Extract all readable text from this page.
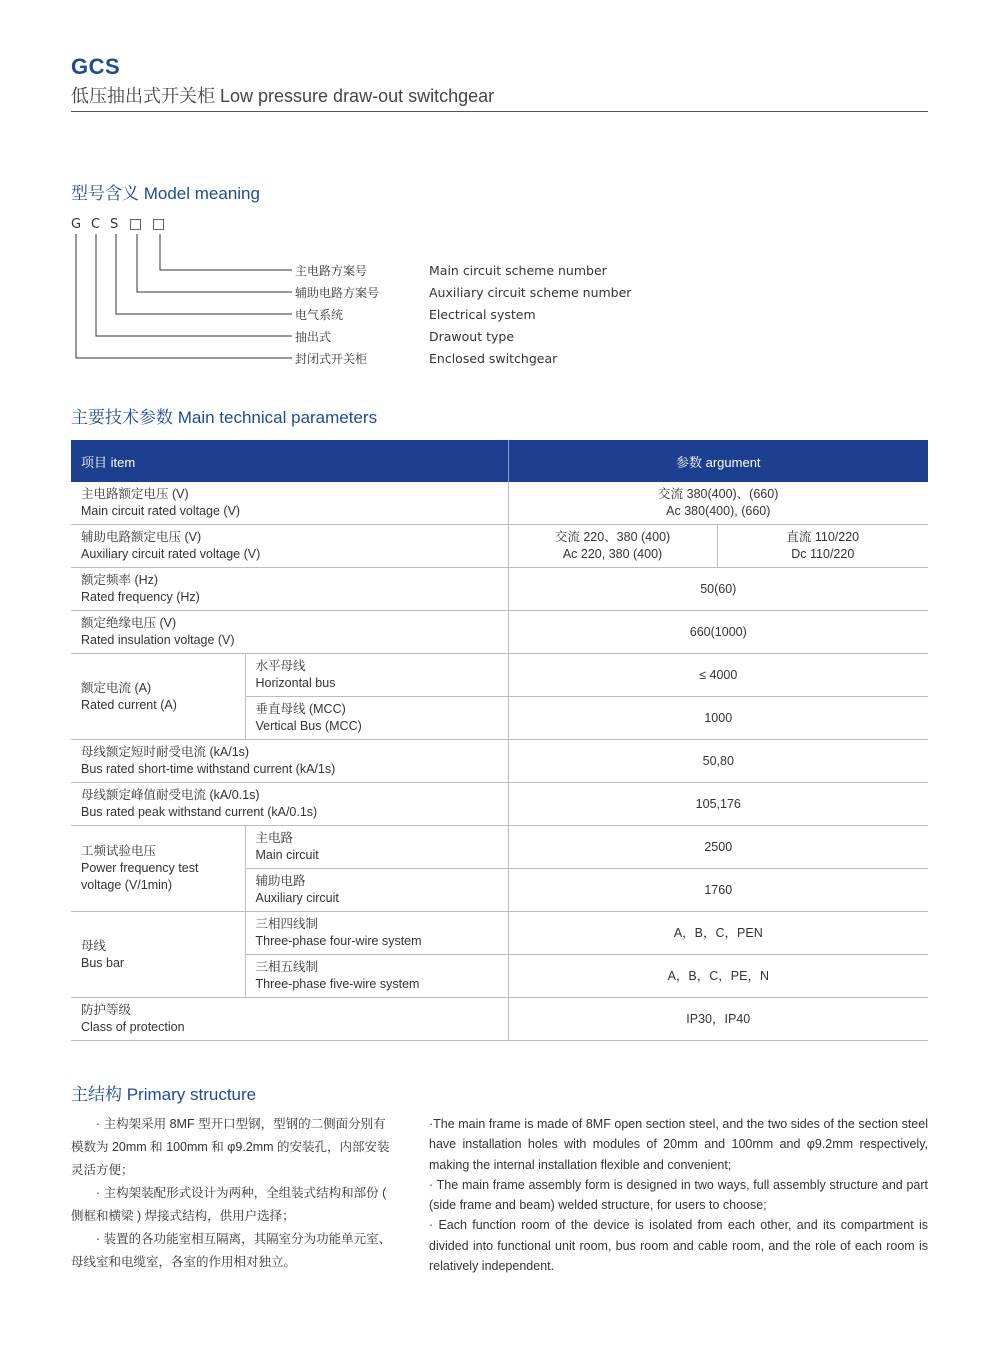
GCS
低压抽出式开关柜 Low pressure draw-out switchgear
型号含义 Model meaning
G C S □ □
主电路方案号
辅助电路方案号
电气系统
抽出式
封闭式开关柜
Main circuit scheme number
Auxiliary circuit scheme number
Electrical system
Drawout type
Enclosed switchgear
主要技术参数 Main technical parameters
项目 item		参数 argument	

主电路额定电压 (V)
Main circuit rated voltage (V)		交流 380(400)、(660)
Ac 380(400), (660)	

辅助电路额定电压 (V)
Auxiliary circuit rated voltage (V)		交流 220、380 (400)
Ac 220, 380 (400)	直流 110/220
Dc 110/220

额定频率 (Hz)
Rated frequency (Hz)		50(60)	

额定绝缘电压 (V)
Rated insulation voltage (V)		660(1000)	

额定电流 (A)
Rated current (A)	水平母线
Horizontal bus	≤ 4000	

	垂直母线 (MCC)
Vertical Bus (MCC)	1000	

母线额定短时耐受电流 (kA/1s)
Bus rated short-time withstand current (kA/1s)		50,80	

母线额定峰值耐受电流 (kA/0.1s)
Bus rated peak withstand current (kA/0.1s)		105,176	

工频试验电压
Power frequency test
voltage (V/1min)	主电路
Main circuit	2500	

	辅助电路
Auxiliary circuit	1760	

母线
Bus bar	三相四线制
Three-phase four-wire system	A，B，C，PEN	

	三相五线制
Three-phase five-wire system	A，B，C，PE，N	

防护等级
Class of protection		IP30，IP40	
主结构 Primary structure

· 主构架采用 8MF 型开口型钢，型钢的二侧面分别有模数为 20mm 和 100mm 和 φ9.2mm 的安装孔，内部安装灵活方便；

· 主构架装配形式设计为两种，全组装式结构和部份 ( 侧框和横梁 ) 焊接式结构，供用户选择；

· 装置的各功能室相互隔离，其隔室分为功能单元室、母线室和电缆室，各室的作用相对独立。

·The main frame is made of 8MF open section steel, and the two sides of the section steel have installation holes with modules of 20mm and 100mm and φ9.2mm respectively, making the internal installation flexible and convenient;

· The main frame assembly form is designed in two ways, full assembly structure and part (side frame and beam) welded structure, for users to choose;

· Each function room of the device is isolated from each other, and its compartment is divided into functional unit room, bus room and cable room, and the role of each room is relatively independent.
